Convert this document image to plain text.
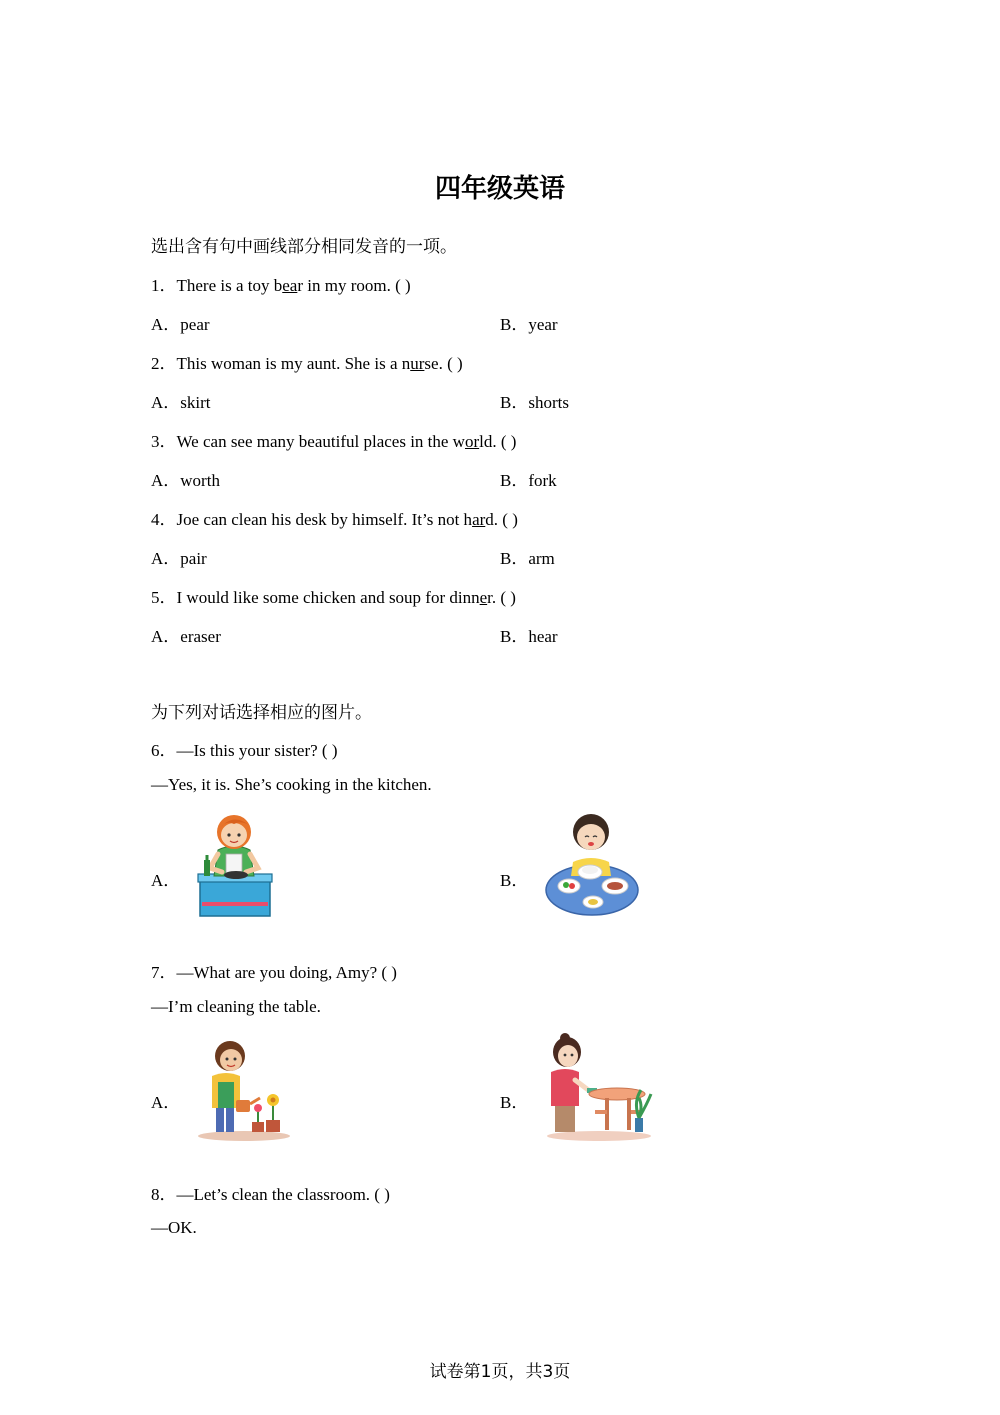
四年级英语
选出含有句中画线部分相同发音的一项。
1．There is a toy bear in my room. ( )
A．pear	B．year
2．This woman is my aunt. She is a nurse. ( )
A．skirt	B．shorts
3．We can see many beautiful places in the world. ( )
A．worth	B．fork
4．Joe can clean his desk by himself. It’s not hard. ( )
A．pair	B．arm
5．I would like some chicken and soup for dinner. ( )
A．eraser	B．hear
为下列对话选择相应的图片。
6．—Is this your sister? ( )
—Yes, it is. She’s cooking in the kitchen.
A．	B．
7．—What are you doing, Amy? ( )
—I’m cleaning the table.
A．	B．
8．—Let’s clean the classroom. ( )
—OK.
试卷第1页，共3页
